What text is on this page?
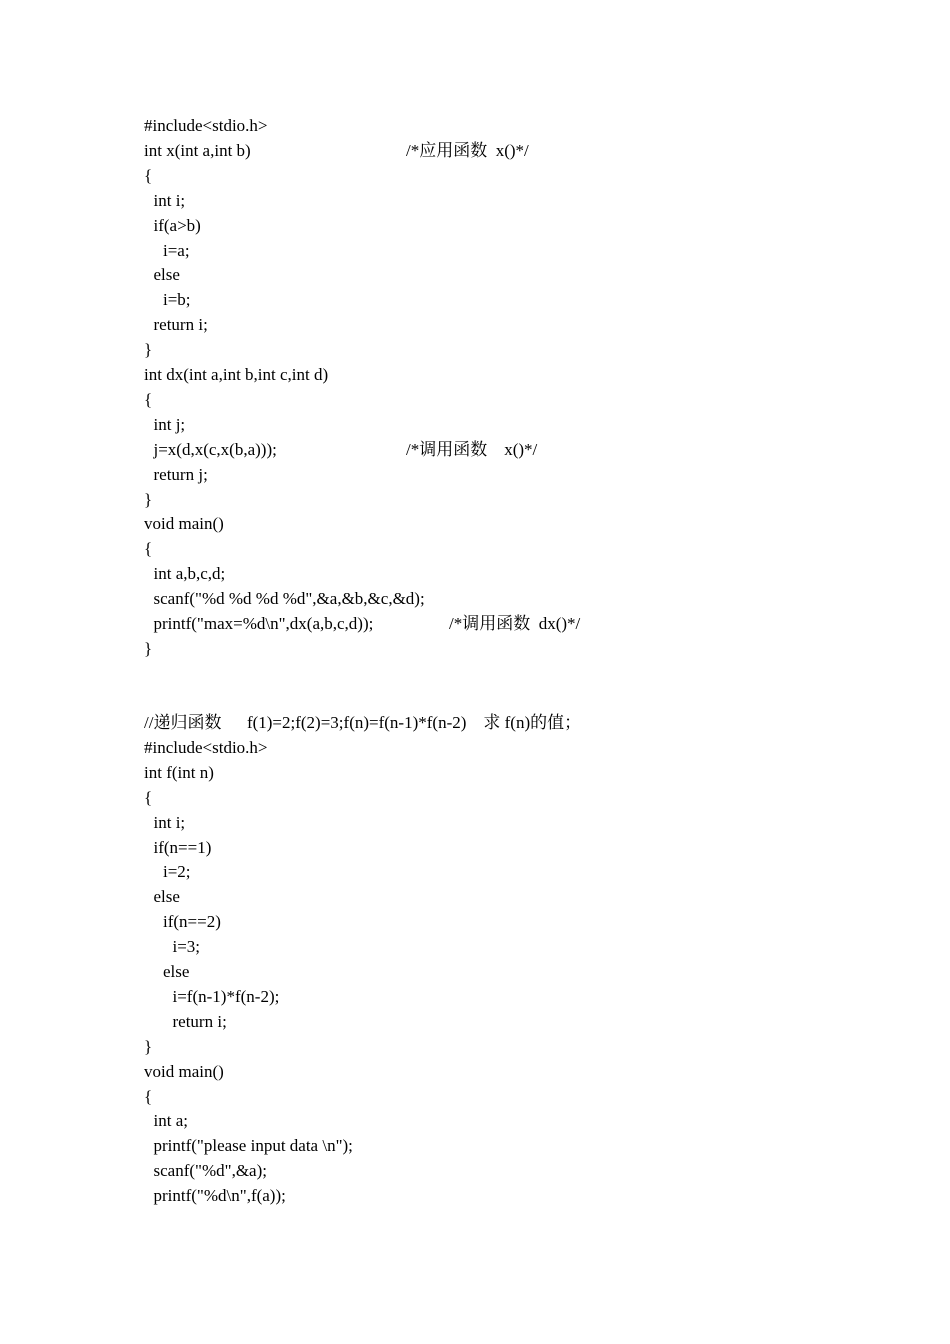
#include<stdio.h>
int x(int a,int b)	/*应用函数  x()*/
{
int i;
if(a>b)
i=a;
else
i=b;
return i;
}
int dx(int a,int b,int c,int d)
{
int j;
j=x(d,x(c,x(b,a)));	/*调用函数    x()*/
return j;
}
void main()
{
int a,b,c,d;
scanf("%d %d %d %d",&a,&b,&c,&d);
printf("max=%d\n",dx(a,b,c,d));	/*调用函数  dx()*/
}
//递归函数      f(1)=2;f(2)=3;f(n)=f(n-1)*f(n-2)    求 f(n)的值；
#include<stdio.h>
int f(int n)
{
int i;
if(n==1)
i=2;
else
if(n==2)
i=3;
else
i=f(n-1)*f(n-2);
return i;
}
void main()
{
int a;
printf("please input data \n");
scanf("%d",&a);
printf("%d\n",f(a));
